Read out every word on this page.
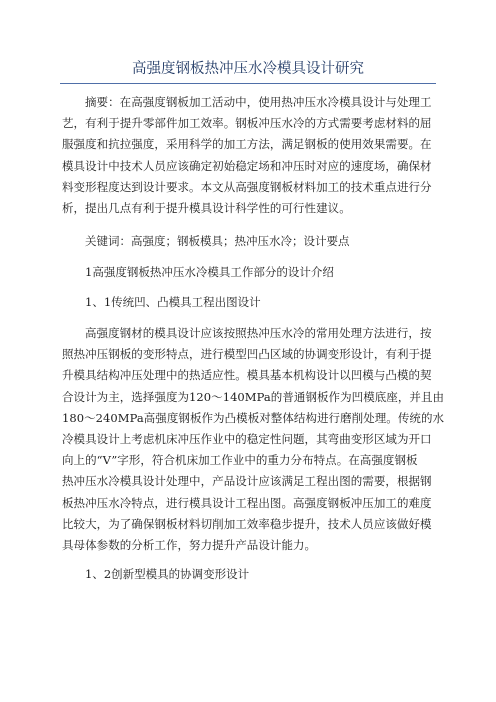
高强度钢板热冲压水冷模具设计研究
摘要：在高强度钢板加工活动中，使用热冲压水冷模具设计与处理工
艺，有利于提升零部件加工效率。钢板冲压水冷的方式需要考虑材料的屈
服强度和抗拉强度，采用科学的加工方法，满足钢板的使用效果需要。在
模具设计中技术人员应该确定初始稳定场和冲压时对应的速度场，确保材
料变形程度达到设计要求。本文从高强度钢板材料加工的技术重点进行分
析，提出几点有利于提升模具设计科学性的可行性建议。
关键词：高强度；钢板模具；热冲压水冷；设计要点
1高强度钢板热冲压水冷模具工作部分的设计介绍
1、1传统凹、凸模具工程出图设计
高强度钢材的模具设计应该按照热冲压水冷的常用处理方法进行，按
照热冲压钢板的变形特点，进行模型凹凸区域的协调变形设计，有利于提
升模具结构冲压处理中的热适应性。模具基本机构设计以凹模与凸模的契
合设计为主，选择强度为120～140MPa的普通钢板作为凹模底座，并且由
180～240MPa高强度钢板作为凸模板对整体结构进行磨削处理。传统的水
冷模具设计上考虑机床冲压作业中的稳定性问题，其弯曲变形区域为开口
向上的“V”字形，符合机床加工作业中的重力分布特点。在高强度钢板
热冲压水冷模具设计处理中，产品设计应该满足工程出图的需要，根据钢
板热冲压水冷特点，进行模具设计工程出图。高强度钢板冲压加工的难度
比较大，为了确保钢板材料切削加工效率稳步提升，技术人员应该做好模
具母体参数的分析工作，努力提升产品设计能力。
1、2创新型模具的协调变形设计
